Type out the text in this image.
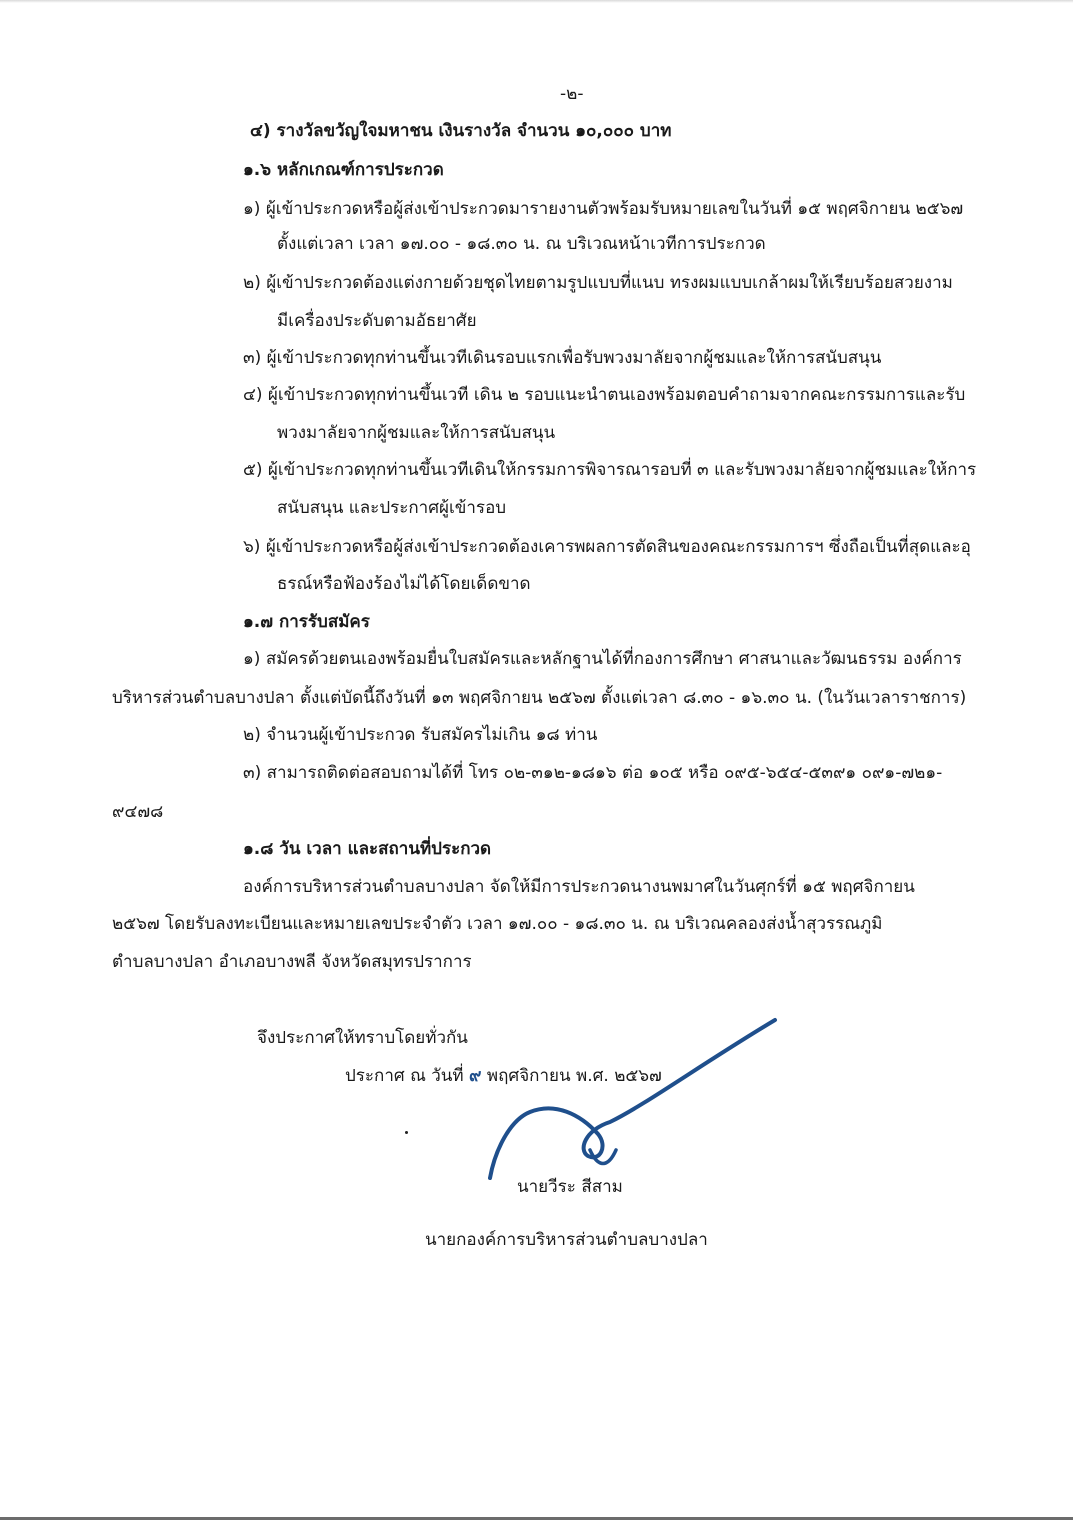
-๒-
๔) รางวัลขวัญใจมหาชน เงินรางวัล จำนวน ๑๐,๐๐๐ บาท
๑.๖ หลักเกณฑ์การประกวด
๑) ผู้เข้าประกวดหรือผู้ส่งเข้าประกวดมารายงานตัวพร้อมรับหมายเลขในวันที่ ๑๕ พฤศจิกายน ๒๕๖๗
ตั้งแต่เวลา เวลา ๑๗.๐๐ - ๑๘.๓๐ น. ณ บริเวณหน้าเวทีการประกวด
๒) ผู้เข้าประกวดต้องแต่งกายด้วยชุดไทยตามรูปแบบที่แนบ ทรงผมแบบเกล้าผมให้เรียบร้อยสวยงาม
มีเครื่องประดับตามอัธยาศัย
๓) ผู้เข้าประกวดทุกท่านขึ้นเวทีเดินรอบแรกเพื่อรับพวงมาลัยจากผู้ชมและให้การสนับสนุน
๔) ผู้เข้าประกวดทุกท่านขึ้นเวที เดิน ๒ รอบแนะนำตนเองพร้อมตอบคำถามจากคณะกรรมการและรับ
พวงมาลัยจากผู้ชมและให้การสนับสนุน
๕) ผู้เข้าประกวดทุกท่านขึ้นเวทีเดินให้กรรมการพิจารณารอบที่ ๓ และรับพวงมาลัยจากผู้ชมและให้การ
สนับสนุน และประกาศผู้เข้ารอบ
๖) ผู้เข้าประกวดหรือผู้ส่งเข้าประกวดต้องเคารพผลการตัดสินของคณะกรรมการฯ ซึ่งถือเป็นที่สุดและอุ
ธรณ์หรือฟ้องร้องไม่ได้โดยเด็ดขาด
๑.๗ การรับสมัคร
๑) สมัครด้วยตนเองพร้อมยื่นใบสมัครและหลักฐานได้ที่กองการศึกษา ศาสนาและวัฒนธรรม องค์การ
บริหารส่วนตำบลบางปลา ตั้งแต่บัดนี้ถึงวันที่ ๑๓ พฤศจิกายน ๒๕๖๗ ตั้งแต่เวลา ๘.๓๐ - ๑๖.๓๐ น. (ในวันเวลาราชการ)
๒) จำนวนผู้เข้าประกวด รับสมัครไม่เกิน ๑๘ ท่าน
๓) สามารถติดต่อสอบถามได้ที่ โทร ๐๒-๓๑๒-๑๘๑๖ ต่อ ๑๐๕ หรือ ๐๙๕-๖๕๔-๕๓๙๑ ๐๙๑-๗๒๑-
๙๔๗๘
๑.๘ วัน เวลา และสถานที่ประกวด
องค์การบริหารส่วนตำบลบางปลา จัดให้มีการประกวดนางนพมาศในวันศุกร์ที่ ๑๕ พฤศจิกายน
๒๕๖๗ โดยรับลงทะเบียนและหมายเลขประจำตัว เวลา ๑๗.๐๐ - ๑๘.๓๐ น. ณ บริเวณคลองส่งน้ำสุวรรณภูมิ
ตำบลบางปลา อำเภอบางพลี จังหวัดสมุทรปราการ
จึงประกาศให้ทราบโดยทั่วกัน
ประกาศ ณ วันที่ ๙ พฤศจิกายน พ.ศ. ๒๕๖๗
นายวีระ สีสาม
นายกองค์การบริหารส่วนตำบลบางปลา
